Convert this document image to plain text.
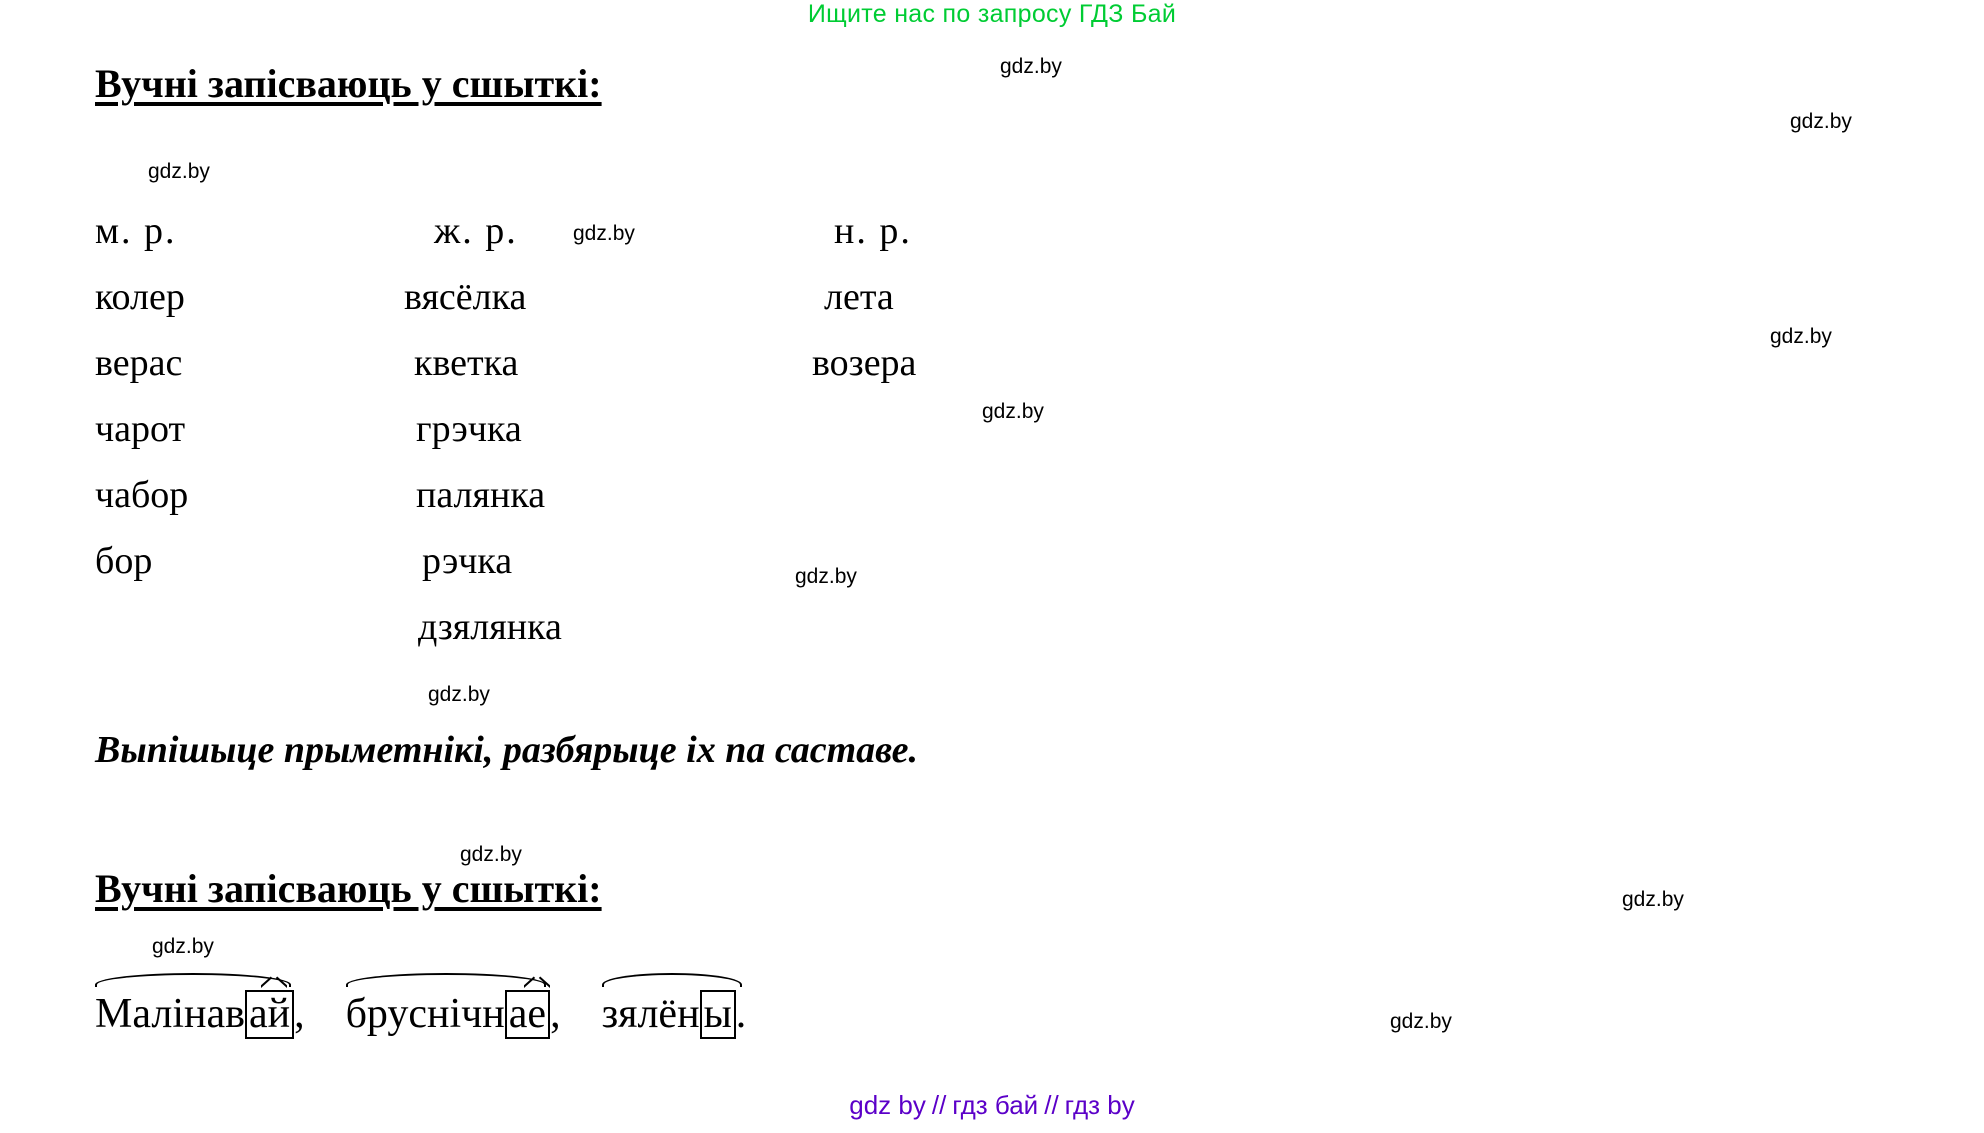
Ищите нас по запросу ГДЗ Бай
gdz.by
gdz.by
gdz.by
gdz.by
gdz.by
gdz.by
gdz.by
gdz.by
gdz.by
gdz.by
gdz.by
gdz.by
Вучні запісваюць у сшыткі:
м. р.
колер
верас
чарот
чабор
бор
ж. р.
вясёлка
кветка
грэчка
палянка
рэчка
дзялянка
н. р.
лета
возера
Выпішыце прыметнікі, разбярыце іх па саставе.
Вучні запісваюць у сшыткі:
Малінавай, бруснічнае, зялёны.
gdz by // гдз бай // гдз by
